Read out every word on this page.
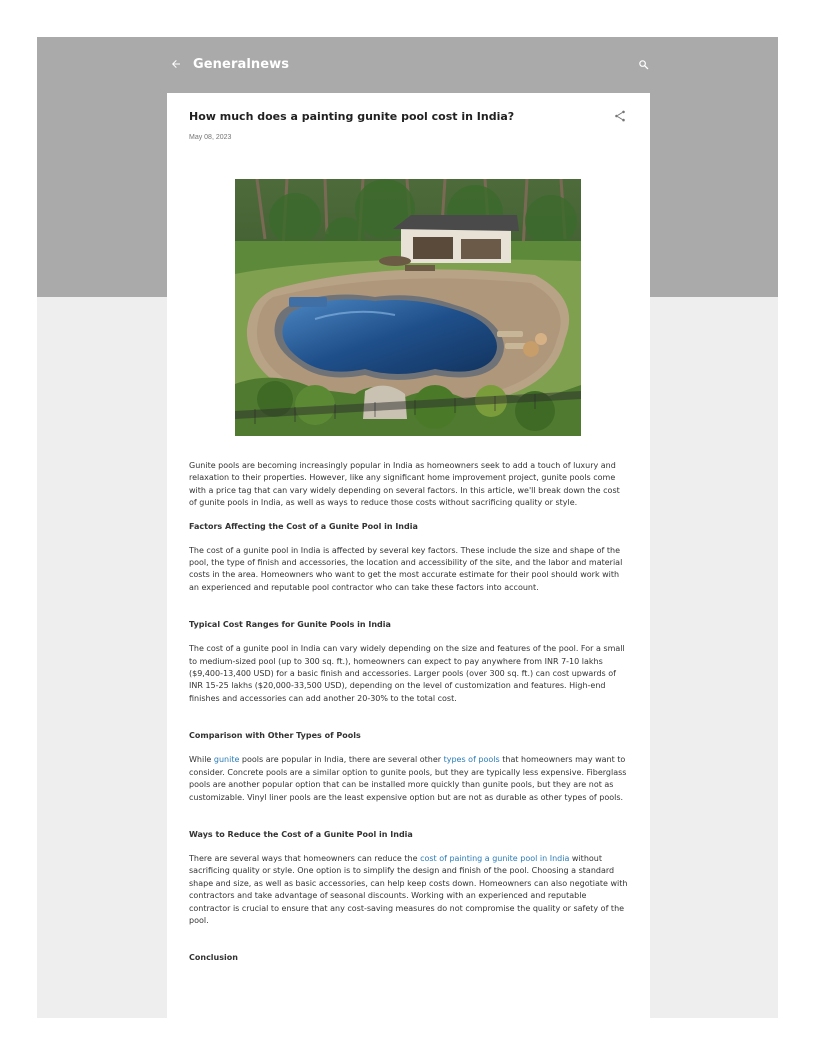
Generalnews
How much does a painting gunite pool cost in India?
May 08, 2023

Gunite pools are becoming increasingly popular in India as homeowners seek to add a touch of luxury and relaxation to their properties. However, like any significant home improvement project, gunite pools come with a price tag that can vary widely depending on several factors. In this article, we'll break down the cost of gunite pools in India, as well as ways to reduce those costs without sacrificing quality or style.

Factors Affecting the Cost of a Gunite Pool in India

The cost of a gunite pool in India is affected by several key factors. These include the size and shape of the pool, the type of finish and accessories, the location and accessibility of the site, and the labor and material costs in the area. Homeowners who want to get the most accurate estimate for their pool should work with an experienced and reputable pool contractor who can take these factors into account.

Typical Cost Ranges for Gunite Pools in India

The cost of a gunite pool in India can vary widely depending on the size and features of the pool. For a small to medium-sized pool (up to 300 sq. ft.), homeowners can expect to pay anywhere from INR 7-10 lakhs ($9,400-13,400 USD) for a basic finish and accessories. Larger pools (over 300 sq. ft.) can cost upwards of INR 15-25 lakhs ($20,000-33,500 USD), depending on the level of customization and features. High-end finishes and accessories can add another 20-30% to the total cost.

Comparison with Other Types of Pools

While gunite pools are popular in India, there are several other types of pools that homeowners may want to consider. Concrete pools are a similar option to gunite pools, but they are typically less expensive. Fiberglass pools are another popular option that can be installed more quickly than gunite pools, but they are not as customizable. Vinyl liner pools are the least expensive option but are not as durable as other types of pools.

Ways to Reduce the Cost of a Gunite Pool in India

There are several ways that homeowners can reduce the cost of painting a gunite pool in India without sacrificing quality or style. One option is to simplify the design and finish of the pool. Choosing a standard shape and size, as well as basic accessories, can help keep costs down. Homeowners can also negotiate with contractors and take advantage of seasonal discounts. Working with an experienced and reputable contractor is crucial to ensure that any cost-saving measures do not compromise the quality or safety of the pool.

Conclusion
